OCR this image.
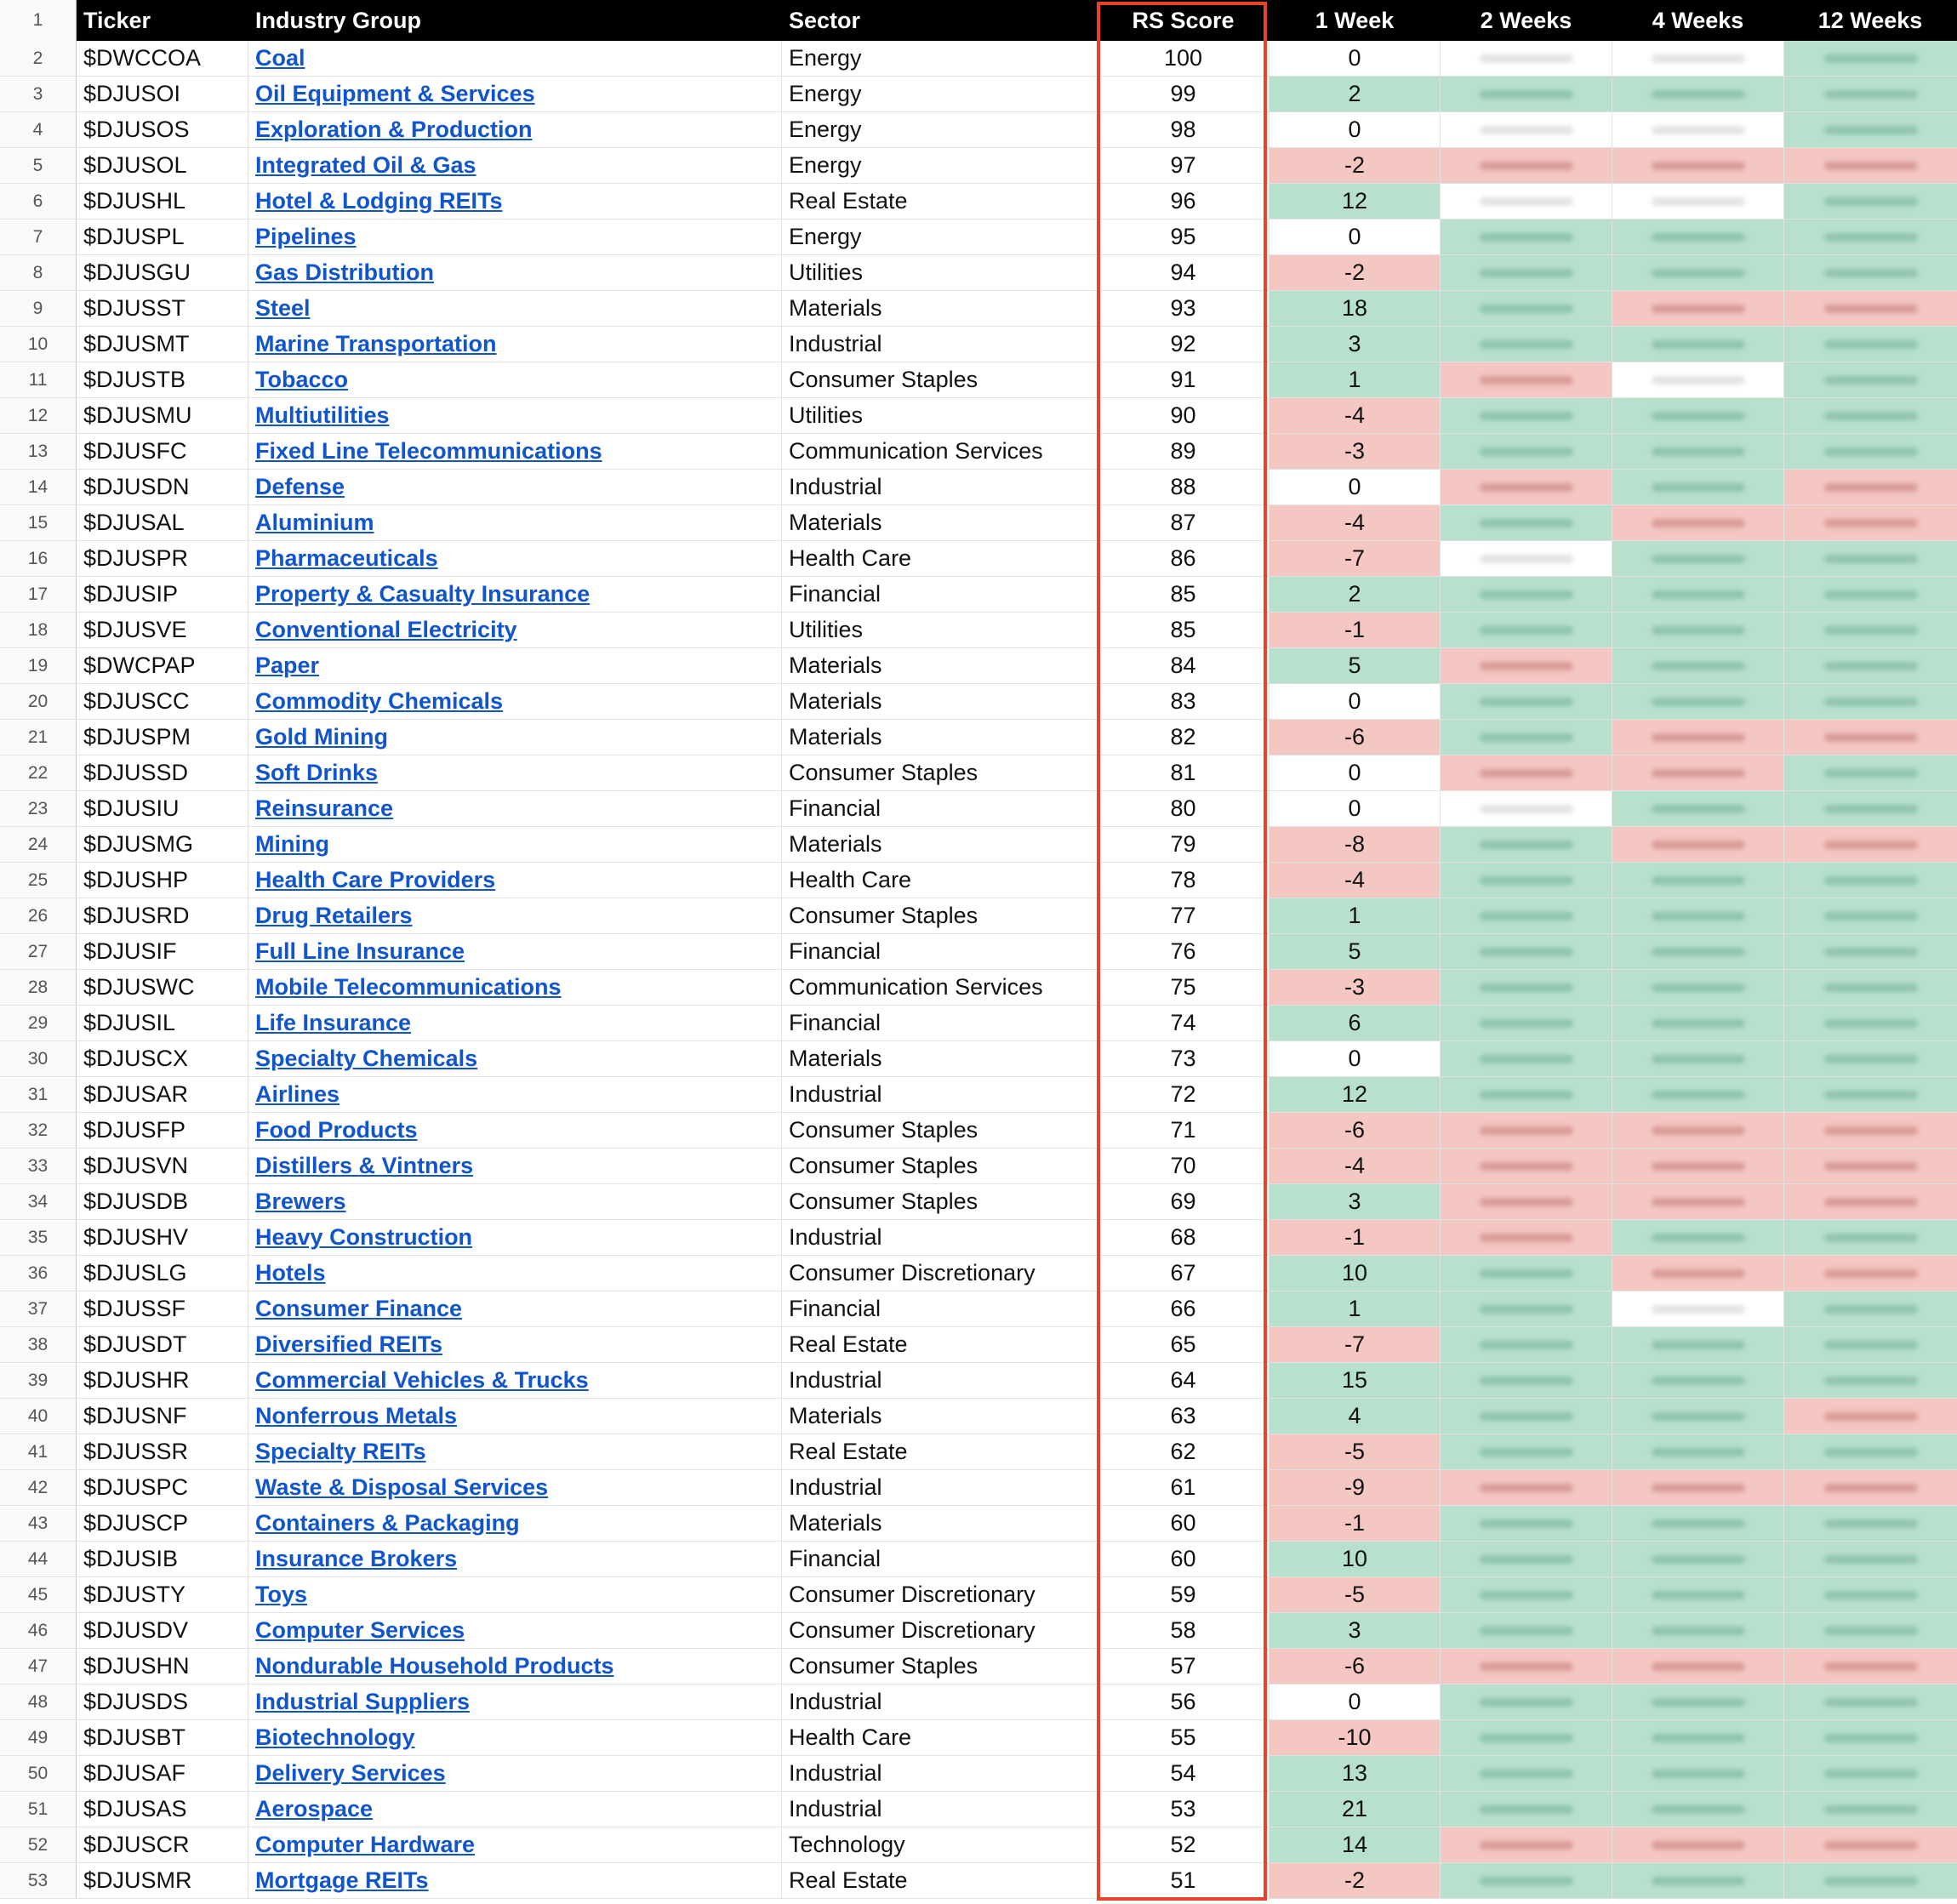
1	Ticker	Industry Group	Sector	RS Score	1 Week	2 Weeks	4 Weeks	12 Weeks
2	$DWCCOA	Coal	Energy	100	0
3	$DJUSOI	Oil Equipment & Services	Energy	99	2
4	$DJUSOS	Exploration & Production	Energy	98	0
5	$DJUSOL	Integrated Oil & Gas	Energy	97	-2
6	$DJUSHL	Hotel & Lodging REITs	Real Estate	96	12
7	$DJUSPL	Pipelines	Energy	95	0
8	$DJUSGU	Gas Distribution	Utilities	94	-2
9	$DJUSST	Steel	Materials	93	18
10	$DJUSMT	Marine Transportation	Industrial	92	3
11	$DJUSTB	Tobacco	Consumer Staples	91	1
12	$DJUSMU	Multiutilities	Utilities	90	-4
13	$DJUSFC	Fixed Line Telecommunications	Communication Services	89	-3
14	$DJUSDN	Defense	Industrial	88	0
15	$DJUSAL	Aluminium	Materials	87	-4
16	$DJUSPR	Pharmaceuticals	Health Care	86	-7
17	$DJUSIP	Property & Casualty Insurance	Financial	85	2
18	$DJUSVE	Conventional Electricity	Utilities	85	-1
19	$DWCPAP	Paper	Materials	84	5
20	$DJUSCC	Commodity Chemicals	Materials	83	0
21	$DJUSPM	Gold Mining	Materials	82	-6
22	$DJUSSD	Soft Drinks	Consumer Staples	81	0
23	$DJUSIU	Reinsurance	Financial	80	0
24	$DJUSMG	Mining	Materials	79	-8
25	$DJUSHP	Health Care Providers	Health Care	78	-4
26	$DJUSRD	Drug Retailers	Consumer Staples	77	1
27	$DJUSIF	Full Line Insurance	Financial	76	5
28	$DJUSWC	Mobile Telecommunications	Communication Services	75	-3
29	$DJUSIL	Life Insurance	Financial	74	6
30	$DJUSCX	Specialty Chemicals	Materials	73	0
31	$DJUSAR	Airlines	Industrial	72	12
32	$DJUSFP	Food Products	Consumer Staples	71	-6
33	$DJUSVN	Distillers & Vintners	Consumer Staples	70	-4
34	$DJUSDB	Brewers	Consumer Staples	69	3
35	$DJUSHV	Heavy Construction	Industrial	68	-1
36	$DJUSLG	Hotels	Consumer Discretionary	67	10
37	$DJUSSF	Consumer Finance	Financial	66	1
38	$DJUSDT	Diversified REITs	Real Estate	65	-7
39	$DJUSHR	Commercial Vehicles & Trucks	Industrial	64	15
40	$DJUSNF	Nonferrous Metals	Materials	63	4
41	$DJUSSR	Specialty REITs	Real Estate	62	-5
42	$DJUSPC	Waste & Disposal Services	Industrial	61	-9
43	$DJUSCP	Containers & Packaging	Materials	60	-1
44	$DJUSIB	Insurance Brokers	Financial	60	10
45	$DJUSTY	Toys	Consumer Discretionary	59	-5
46	$DJUSDV	Computer Services	Consumer Discretionary	58	3
47	$DJUSHN	Nondurable Household Products	Consumer Staples	57	-6
48	$DJUSDS	Industrial Suppliers	Industrial	56	0
49	$DJUSBT	Biotechnology	Health Care	55	-10
50	$DJUSAF	Delivery Services	Industrial	54	13
51	$DJUSAS	Aerospace	Industrial	53	21
52	$DJUSCR	Computer Hardware	Technology	52	14
53	$DJUSMR	Mortgage REITs	Real Estate	51	-2
